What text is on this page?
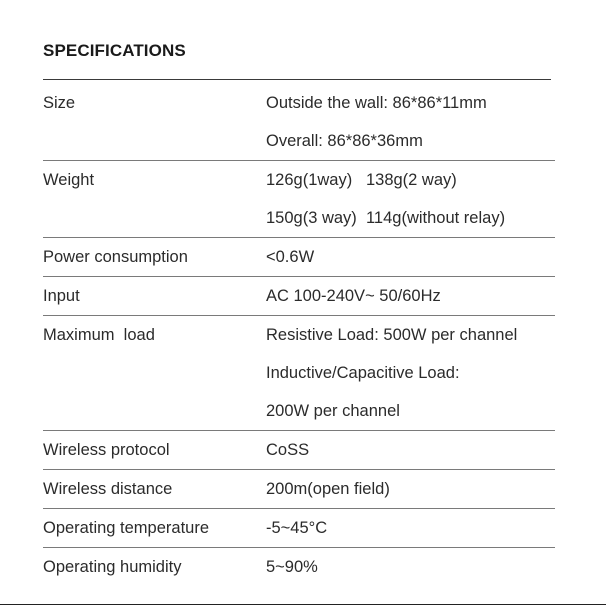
SPECIFICATIONS
Size	Outside the wall: 86*86*11mm
Overall: 86*86*36mm
Weight	126g(1way)   138g(2 way)
150g(3 way)  114g(without relay)
Power consumption	<0.6W
Input	AC 100-240V~ 50/60Hz
Maximum  load	Resistive Load: 500W per channel
Inductive/Capacitive Load:
200W per channel
Wireless protocol	CoSS
Wireless distance	200m(open field)
Operating temperature	-5~45°C
Operating humidity	5~90%
